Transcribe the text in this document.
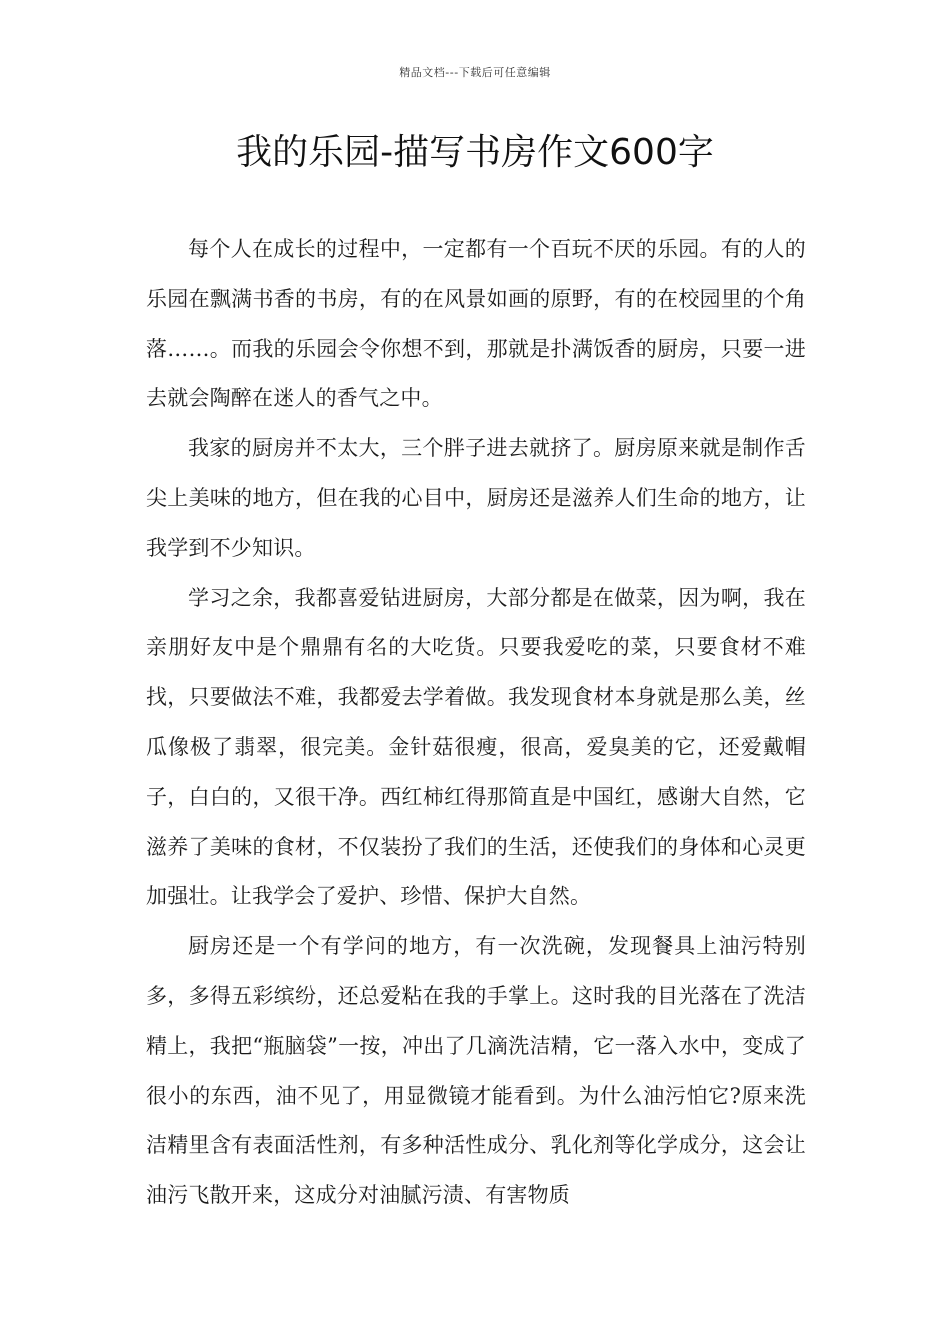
精品文档---下载后可任意编辑
我的乐园-描写书房作文600字

每个人在成长的过程中，一定都有一个百玩不厌的乐园。有的人的乐园在飘满书香的书房，有的在风景如画的原野，有的在校园里的个角落……。而我的乐园会令你想不到，那就是扑满饭香的厨房，只要一进去就会陶醉在迷人的香气之中。

我家的厨房并不太大，三个胖子进去就挤了。厨房原来就是制作舌尖上美味的地方，但在我的心目中，厨房还是滋养人们生命的地方，让我学到不少知识。

学习之余，我都喜爱钻进厨房，大部分都是在做菜，因为啊，我在亲朋好友中是个鼎鼎有名的大吃货。只要我爱吃的菜，只要食材不难找，只要做法不难，我都爱去学着做。我发现食材本身就是那么美，丝瓜像极了翡翠，很完美。金针菇很瘦，很高，爱臭美的它，还爱戴帽子，白白的，又很干净。西红柿红得那简直是中国红，感谢大自然，它滋养了美味的食材，不仅装扮了我们的生活，还使我们的身体和心灵更加强壮。让我学会了爱护、珍惜、保护大自然。

厨房还是一个有学问的地方，有一次洗碗，发现餐具上油污特别多，多得五彩缤纷，还总爱粘在我的手掌上。这时我的目光落在了洗洁精上，我把“瓶脑袋”一按，冲出了几滴洗洁精，它一落入水中，变成了很小的东西，油不见了，用显微镜才能看到。为什么油污怕它?原来洗洁精里含有表面活性剂，有多种活性成分、乳化剂等化学成分，这会让油污飞散开来，这成分对油腻污渍、有害物质
